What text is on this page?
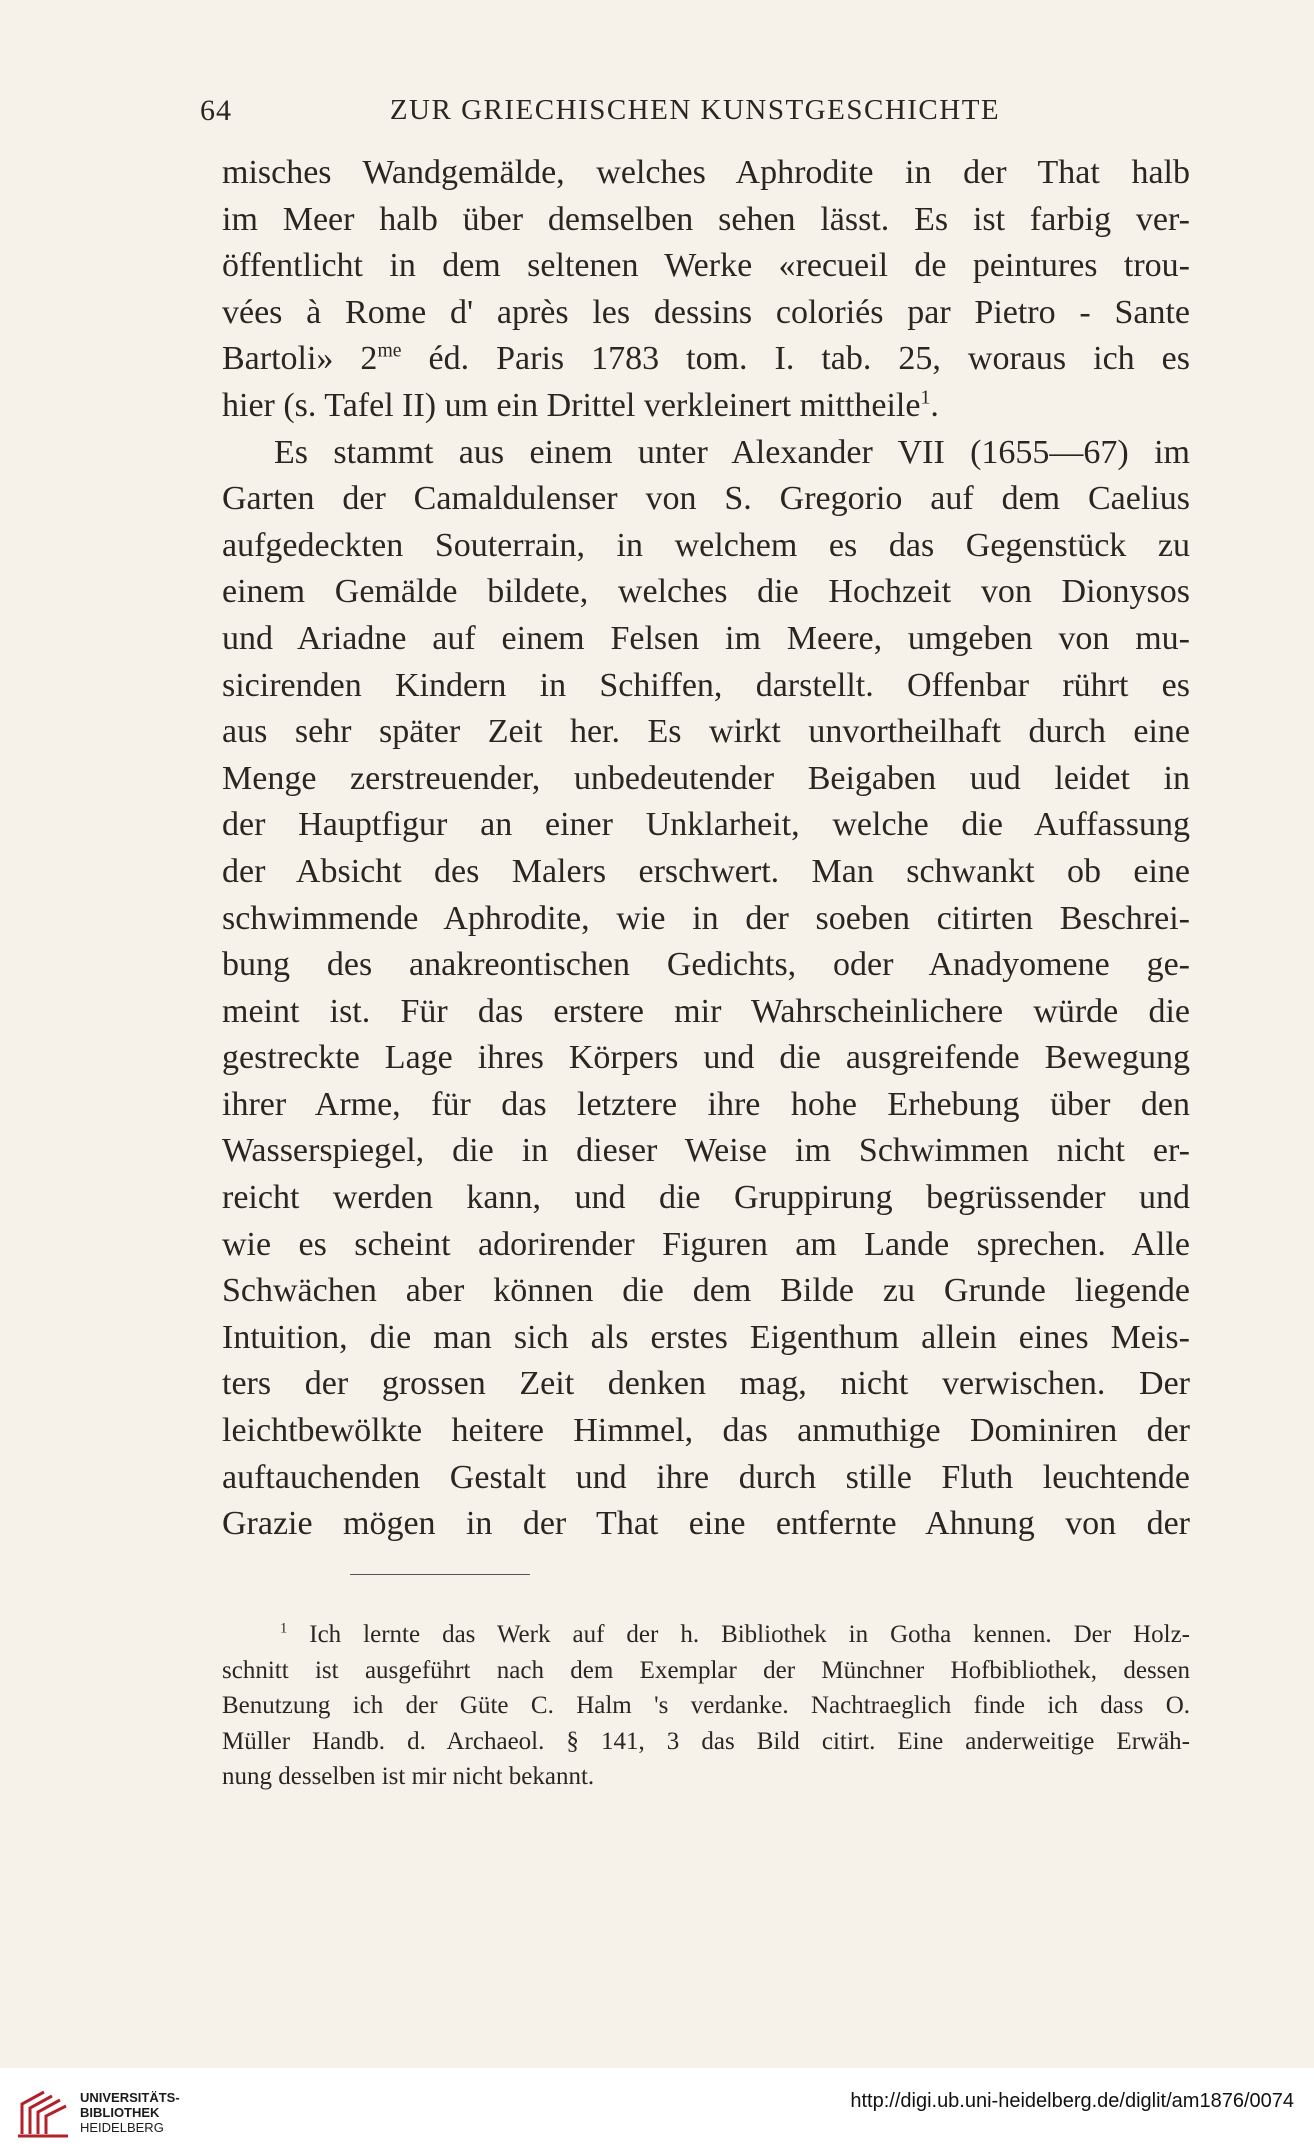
64	ZUR GRIECHISCHEN KUNSTGESCHICHTE
misches Wandgemälde, welches Aphrodite in der That halb
im Meer halb über demselben sehen lässt. Es ist farbig ver-
öffentlicht in dem seltenen Werke «recueil de peintures trou-
vées à Rome d' après les dessins coloriés par Pietro - Sante
Bartoli» $2^{me}$ éd. Paris 1783 tom. I. tab. 25, woraus ich es
hier (s. Tafel II) um ein Drittel verkleinert mittheile$^1$.
Es stammt aus einem unter Alexander VII (1655—67) im
Garten der Camaldulenser von S. Gregorio auf dem Caelius
aufgedeckten Souterrain, in welchem es das Gegenstück zu
einem Gemälde bildete, welches die Hochzeit von Dionysos
und Ariadne auf einem Felsen im Meere, umgeben von mu-
sicirenden Kindern in Schiffen, darstellt. Offenbar rührt es
aus sehr später Zeit her. Es wirkt unvortheilhaft durch eine
Menge zerstreuender, unbedeutender Beigaben uud leidet in
der Hauptfigur an einer Unklarheit, welche die Auffassung
der Absicht des Malers erschwert. Man schwankt ob eine
schwimmende Aphrodite, wie in der soeben citirten Beschrei-
bung des anakreontischen Gedichts, oder Anadyomene ge-
meint ist. Für das erstere mir Wahrscheinlichere würde die
gestreckte Lage ihres Körpers und die ausgreifende Bewegung
ihrer Arme, für das letztere ihre hohe Erhebung über den
Wasserspiegel, die in dieser Weise im Schwimmen nicht er-
reicht werden kann, und die Gruppirung begrüssender und
wie es scheint adorirender Figuren am Lande sprechen. Alle
Schwächen aber können die dem Bilde zu Grunde liegende
Intuition, die man sich als erstes Eigenthum allein eines Meis-
ters der grossen Zeit denken mag, nicht verwischen. Der
leichtbewölkte heitere Himmel, das anmuthige Dominiren der
auftauchenden Gestalt und ihre durch stille Fluth leuchtende
Grazie mögen in der That eine entfernte Ahnung von der
$^1$ Ich lernte das Werk auf der h. Bibliothek in Gotha kennen. Der Holz-
schnitt ist ausgeführt nach dem Exemplar der Münchner Hofbibliothek, dessen
Benutzung ich der Güte C. Halm 's verdanke. Nachtraeglich finde ich dass O.
Müller Handb. d. Archaeol. § 141, 3 das Bild citirt. Eine anderweitige Erwäh-
nung desselben ist mir nicht bekannt.
UNIVERSITÄTS-
BIBLIOTHEK
HEIDELBERG
http://digi.ub.uni-heidelberg.de/diglit/am1876/0074
